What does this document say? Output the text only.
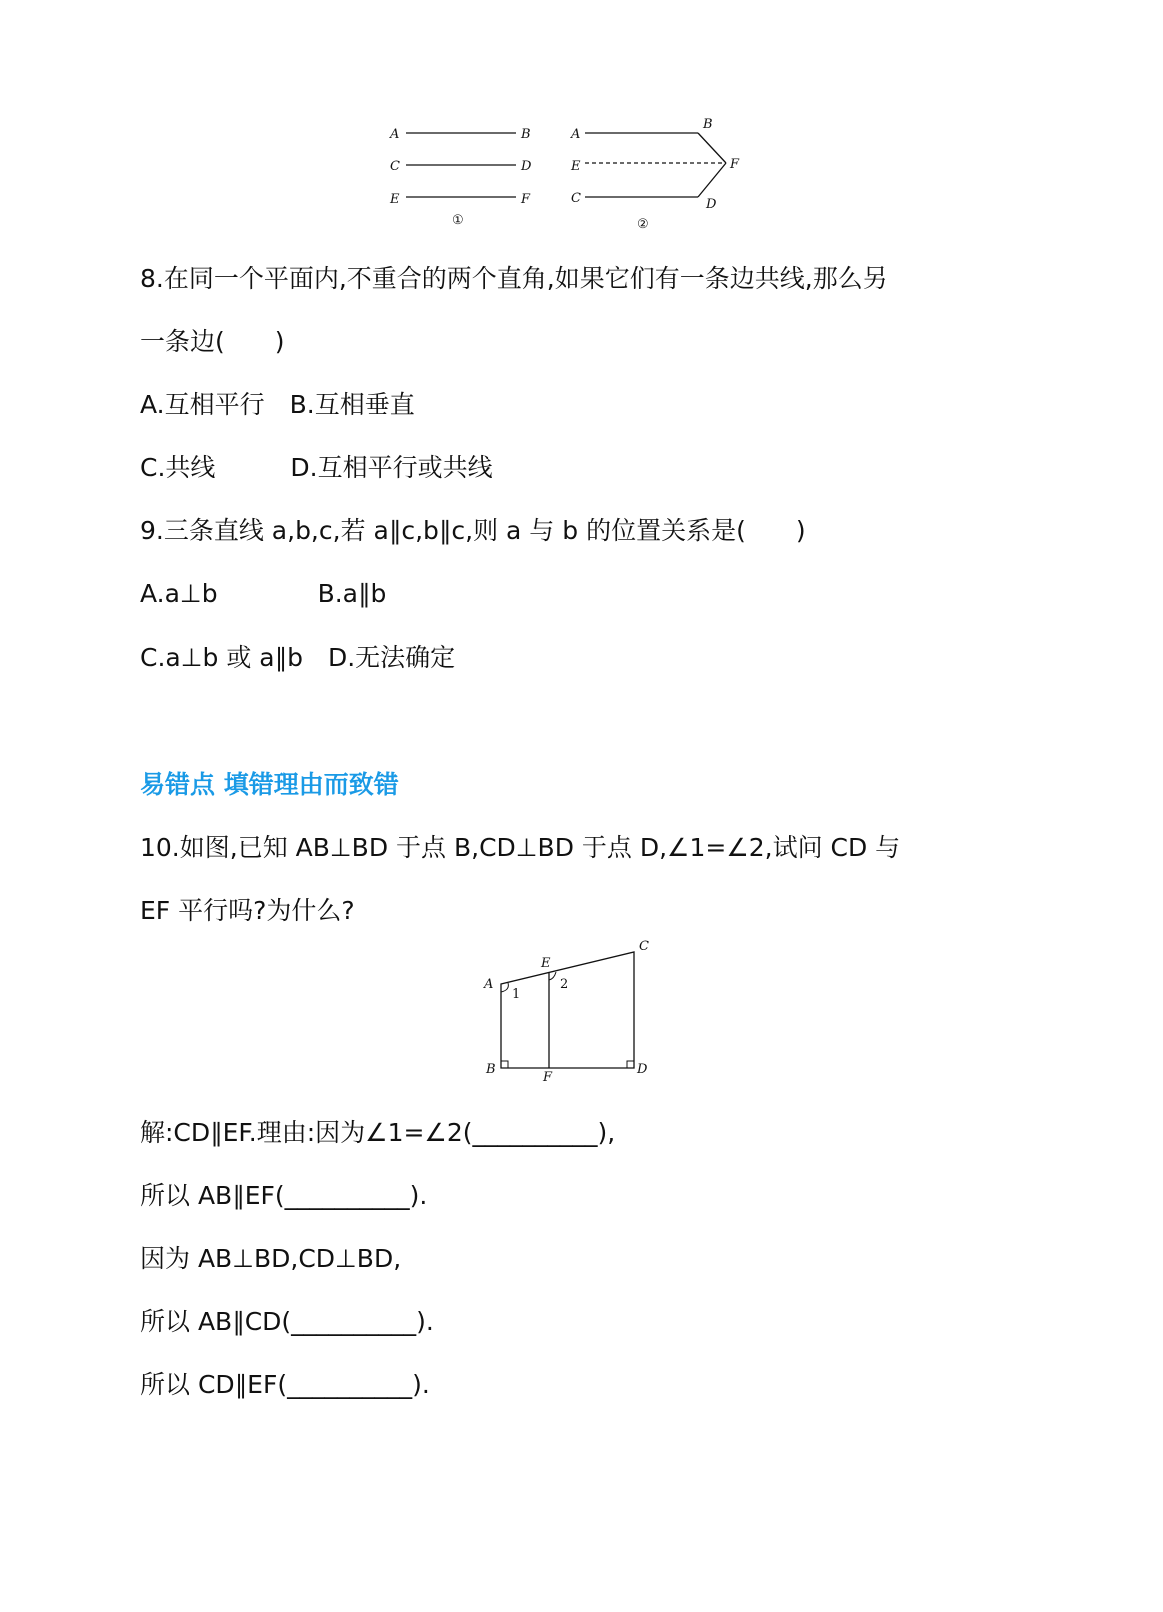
A	B
C	D
E	F
①
A
B
E	F
C	D
②
8.在同一个平面内,不重合的两个直角,如果它们有一条边共线,那么另
一条边(　　)
A.互相平行　B.互相垂直
C.共线　　　D.互相平行或共线
9.三条直线 a,b,c,若 a∥c,b∥c,则 a 与 b 的位置关系是(　　)
A.a⊥b　　　　B.a∥b
C.a⊥b 或 a∥b　D.无法确定
易错点 填错理由而致错
10.如图,已知 AB⊥BD 于点 B,CD⊥BD 于点 D,∠1=∠2,试问 CD 与
EF 平行吗?为什么?
A
E
C
B
F
D
1
2
解:CD∥EF.理由:因为∠1=∠2(__________),
所以 AB∥EF(__________).
因为 AB⊥BD,CD⊥BD,
所以 AB∥CD(__________).
所以 CD∥EF(__________).
